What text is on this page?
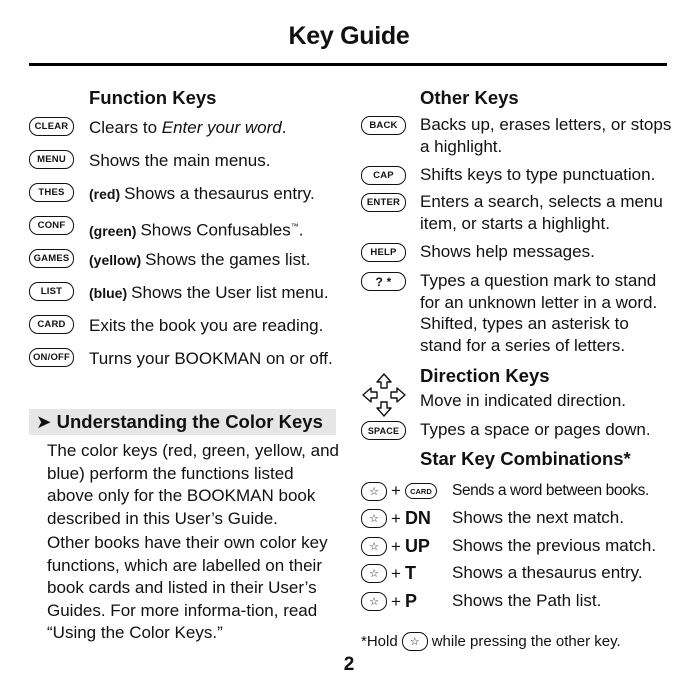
Key Guide
Function Keys
CLEAR	Clears to Enter your word.
MENU	Shows the main menus.
THES	(red) Shows a thesaurus entry.
CONF	(green) Shows Confusables™.
GAMES	(yellow) Shows the games list.
LIST	(blue) Shows the User list menu.
CARD	Exits the book you are reading.
ON/OFF Turns your BOOKMAN on or off.
➤ Understanding the Color Keys
The color keys (red, green, yellow, and blue) perform the functions listed above only for the BOOKMAN book described in this User’s Guide.
Other books have their own color key functions, which are labelled on their book cards and listed in their User’s Guides. For more informa-tion, read “Using the Color Keys.”
Other Keys
BACK	Backs up, erases letters, or stops a highlight.
CAP	Shifts keys to type punctuation.
ENTER	Enters a search, selects a menu item, or starts a highlight.
HELP	Shows help messages.
? *	Types a question mark to stand for an unknown letter in a word. Shifted, types an asterisk to stand for a series of letters.
Direction Keys
Move in indicated direction.
SPACE	Types a space or pages down.
Star Key Combinations*
☆ +	CARD	Sends a word between books.
☆ + DN	Shows the next match.
☆ + UP	Shows the previous match.
☆ + T	Shows a thesaurus entry.
☆ + P	Shows the Path list.
*Hold	☆ while pressing the other key.
2
